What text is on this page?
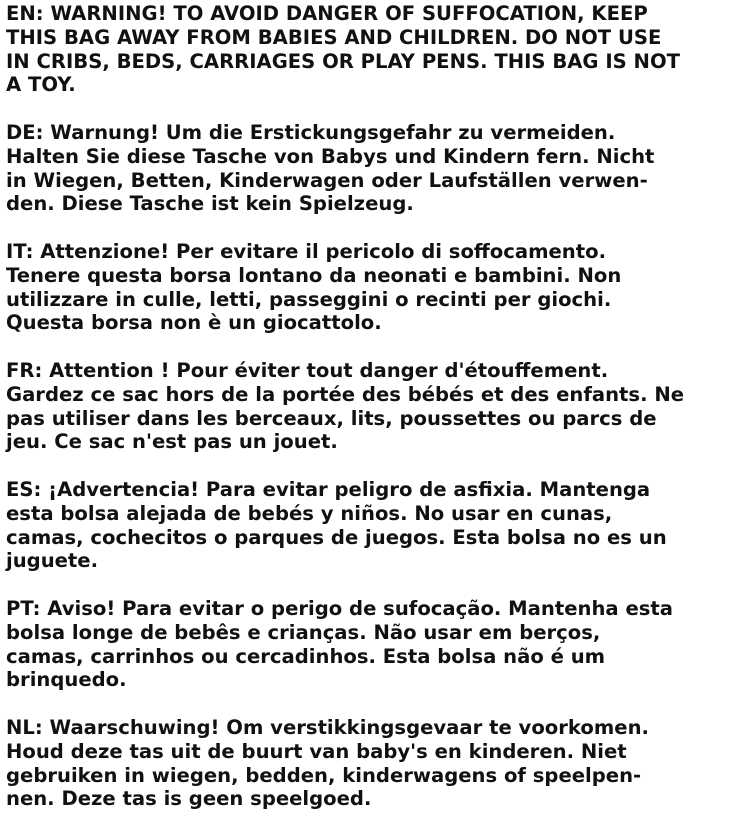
EN: WARNING! TO AVOID DANGER OF SUFFOCATION, KEEP
THIS BAG AWAY FROM BABIES AND CHILDREN. DO NOT USE
IN CRIBS, BEDS, CARRIAGES OR PLAY PENS. THIS BAG IS NOT
A TOY.
DE: Warnung! Um die Erstickungsgefahr zu vermeiden.
Halten Sie diese Tasche von Babys und Kindern fern. Nicht
in Wiegen, Betten, Kinderwagen oder Laufställen verwen-
den. Diese Tasche ist kein Spielzeug.
IT: Attenzione! Per evitare il pericolo di soffocamento.
Tenere questa borsa lontano da neonati e bambini. Non
utilizzare in culle, letti, passeggini o recinti per giochi.
Questa borsa non è un giocattolo.
FR: Attention ! Pour éviter tout danger d'étouffement.
Gardez ce sac hors de la portée des bébés et des enfants. Ne
pas utiliser dans les berceaux, lits, poussettes ou parcs de
jeu. Ce sac n'est pas un jouet.
ES: ¡Advertencia! Para evitar peligro de asfixia. Mantenga
esta bolsa alejada de bebés y niños. No usar en cunas,
camas, cochecitos o parques de juegos. Esta bolsa no es un
juguete.
PT: Aviso! Para evitar o perigo de sufocação. Mantenha esta
bolsa longe de bebês e crianças. Não usar em berços,
camas, carrinhos ou cercadinhos. Esta bolsa não é um
brinquedo.
NL: Waarschuwing! Om verstikkingsgevaar te voorkomen.
Houd deze tas uit de buurt van baby's en kinderen. Niet
gebruiken in wiegen, bedden, kinderwagens of speelpen-
nen. Deze tas is geen speelgoed.
